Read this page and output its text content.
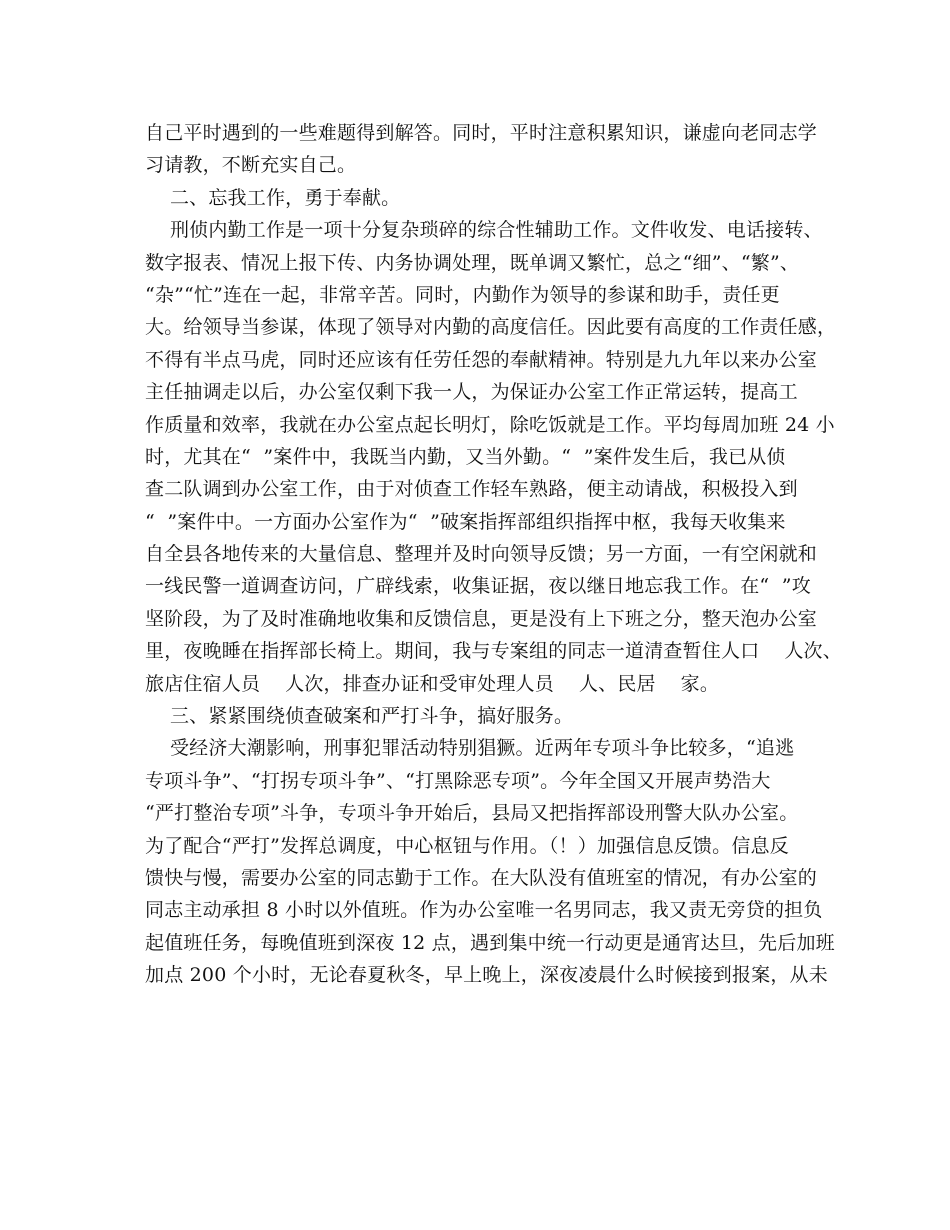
自己平时遇到的一些难题得到解答。同时，平时注意积累知识，谦虚向老同志学
习请教，不断充实自己。
二、忘我工作，勇于奉献。
刑侦内勤工作是一项十分复杂琐碎的综合性辅助工作。文件收发、电话接转、
数字报表、情况上报下传、内务协调处理，既单调又繁忙，总之“细”、“繁”、
“杂”“忙”连在一起，非常辛苦。同时，内勤作为领导的参谋和助手，责任更
大。给领导当参谋，体现了领导对内勤的高度信任。因此要有高度的工作责任感，
不得有半点马虎，同时还应该有任劳任怨的奉献精神。特别是九九年以来办公室
主任抽调走以后，办公室仅剩下我一人，为保证办公室工作正常运转，提高工
作质量和效率，我就在办公室点起长明灯，除吃饭就是工作。平均每周加班 24 小
时，尤其在“  ”案件中，我既当内勤，又当外勤。“  ”案件发生后，我已从侦
查二队调到办公室工作，由于对侦查工作轻车熟路，便主动请战，积极投入到
“  ”案件中。一方面办公室作为“  ”破案指挥部组织指挥中枢，我每天收集来
自全县各地传来的大量信息、整理并及时向领导反馈；另一方面，一有空闲就和
一线民警一道调查访问，广辟线索，收集证据，夜以继日地忘我工作。在“  ”攻
坚阶段，为了及时准确地收集和反馈信息，更是没有上下班之分，整天泡办公室
里，夜晚睡在指挥部长椅上。期间，我与专案组的同志一道清查暂住人口    人次、
旅店住宿人员    人次，排查办证和受审处理人员    人、民居    家。
三、紧紧围绕侦查破案和严打斗争，搞好服务。
受经济大潮影响，刑事犯罪活动特别猖獗。近两年专项斗争比较多，“追逃
专项斗争”、“打拐专项斗争”、“打黑除恶专项”。今年全国又开展声势浩大
“严打整治专项”斗争，专项斗争开始后，县局又把指挥部设刑警大队办公室。
为了配合“严打”发挥总调度，中心枢钮与作用。（！）加强信息反馈。信息反
馈快与慢，需要办公室的同志勤于工作。在大队没有值班室的情况，有办公室的
同志主动承担 8 小时以外值班。作为办公室唯一名男同志，我又责无旁贷的担负
起值班任务，每晚值班到深夜 12 点，遇到集中统一行动更是通宵达旦，先后加班
加点 200 个小时，无论春夏秋冬，早上晚上，深夜凌晨什么时候接到报案，从未
